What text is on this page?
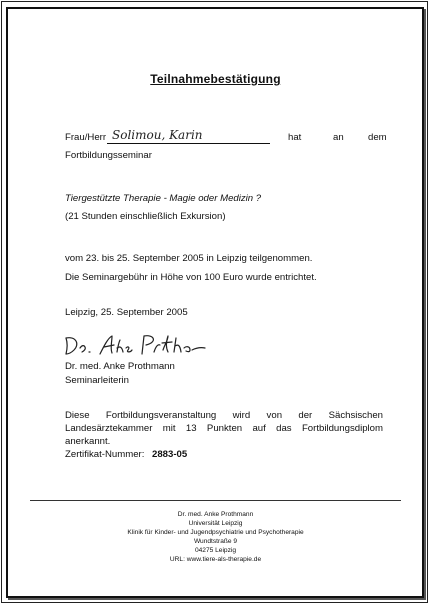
Teilnahmebestätigung
Frau/Herr Solimou, Karin	hat	an	dem
Fortbildungsseminar
Tiergestützte Therapie - Magie oder Medizin ?
(21 Stunden einschließlich Exkursion)
vom 23. bis 25. September 2005 in Leipzig teilgenommen.
Die Seminargebühr in Höhe von 100 Euro wurde entrichtet.
Leipzig, 25. September 2005
Dr. med. Anke Prothmann
Seminarleiterin
Diese Fortbildungsveranstaltung wird von der Sächsischen
Landesärztekammer mit 13 Punkten auf das Fortbildungsdiplom
anerkannt.
Zertifikat-Nummer: 2883-05
Dr. med. Anke Prothmann
Universität Leipzig
Klinik für Kinder- und Jugendpsychiatrie und Psychotherapie
Wundtstraße 9
04275 Leipzig
URL: www.tiere-als-therapie.de
